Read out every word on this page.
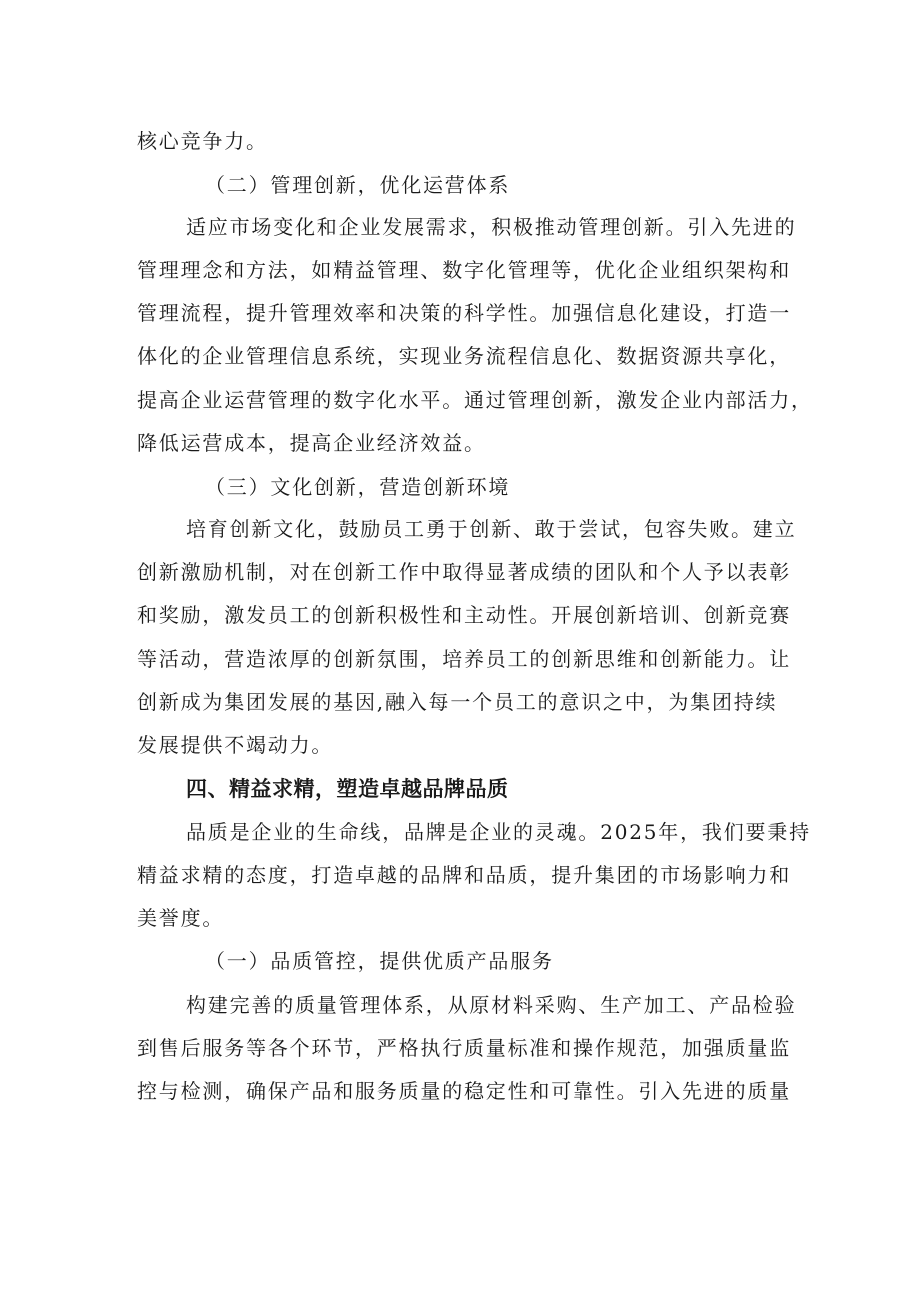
核心竞争力。
（二）管理创新，优化运营体系
适应市场变化和企业发展需求，积极推动管理创新。引入先进的
管理理念和方法，如精益管理、数字化管理等，优化企业组织架构和
管理流程，提升管理效率和决策的科学性。加强信息化建设，打造一
体化的企业管理信息系统，实现业务流程信息化、数据资源共享化，
提高企业运营管理的数字化水平。通过管理创新，激发企业内部活力，
降低运营成本，提高企业经济效益。
（三）文化创新，营造创新环境
培育创新文化，鼓励员工勇于创新、敢于尝试，包容失败。建立
创新激励机制，对在创新工作中取得显著成绩的团队和个人予以表彰
和奖励，激发员工的创新积极性和主动性。开展创新培训、创新竞赛
等活动，营造浓厚的创新氛围，培养员工的创新思维和创新能力。让
创新成为集团发展的基因,融入每一个员工的意识之中，为集团持续
发展提供不竭动力。
四、精益求精，塑造卓越品牌品质
品质是企业的生命线，品牌是企业的灵魂。2025年，我们要秉持
精益求精的态度，打造卓越的品牌和品质，提升集团的市场影响力和
美誉度。
（一）品质管控，提供优质产品服务
构建完善的质量管理体系，从原材料采购、生产加工、产品检验
到售后服务等各个环节，严格执行质量标准和操作规范，加强质量监
控与检测，确保产品和服务质量的稳定性和可靠性。引入先进的质量
